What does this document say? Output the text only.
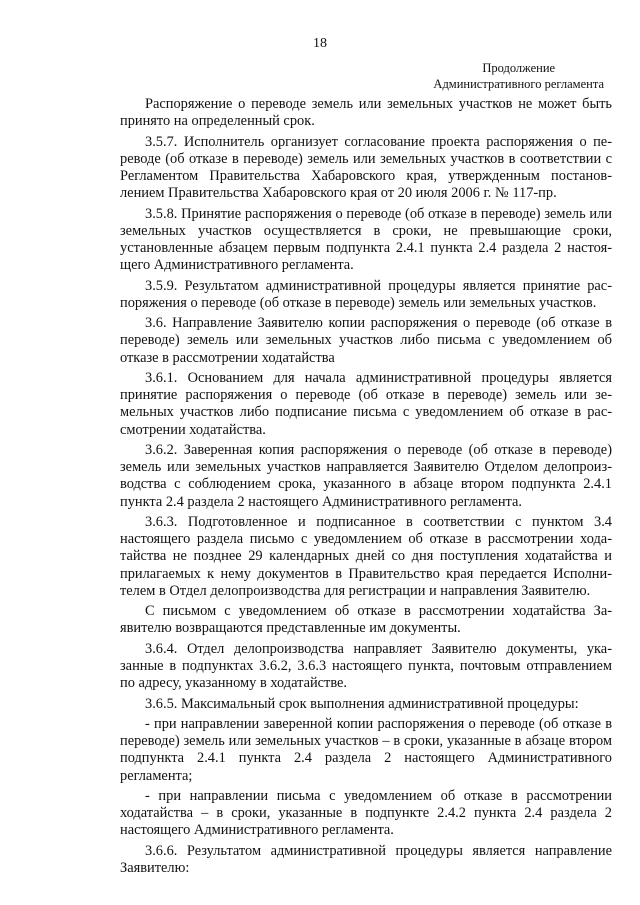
18
Продолжение
Административного регламента

Распоряжение о переводе земель или земельных участков не может быть принято на определенный срок.

3.5.7. Исполнитель организует согласование проекта распоряжения о переводе (об отказе в переводе) земель или земельных участков в соответствии с Регламентом Правительства Хабаровского края, утвержденным постановлением Правительства Хабаровского края от 20 июля 2006 г. № 117-пр.

3.5.8. Принятие распоряжения о переводе (об отказе в переводе) земель или земельных участков осуществляется в сроки, не превышающие сроки, установленные абзацем первым подпункта 2.4.1 пункта 2.4 раздела 2 настоящего Административного регламента.

3.5.9. Результатом административной процедуры является принятие распоряжения о переводе (об отказе в переводе) земель или земельных участков.

3.6. Направление Заявителю копии распоряжения о переводе (об отказе в переводе) земель или земельных участков либо письма с уведомлением об отказе в рассмотрении ходатайства

3.6.1. Основанием для начала административной процедуры является принятие распоряжения о переводе (об отказе в переводе) земель или земельных участков либо подписание письма с уведомлением об отказе в рассмотрении ходатайства.

3.6.2. Заверенная копия распоряжения о переводе (об отказе в переводе) земель или земельных участков направляется Заявителю Отделом делопроизводства с соблюдением срока, указанного в абзаце втором подпункта 2.4.1 пункта 2.4 раздела 2 настоящего Административного регламента.

3.6.3. Подготовленное и подписанное в соответствии с пунктом 3.4 настоящего раздела письмо с уведомлением об отказе в рассмотрении ходатайства не позднее 29 календарных дней со дня поступления ходатайства и прилагаемых к нему документов в Правительство края передается Исполнителем в Отдел делопроизводства для регистрации и направления Заявителю.

С письмом с уведомлением об отказе в рассмотрении ходатайства Заявителю возвращаются представленные им документы.

3.6.4. Отдел делопроизводства направляет Заявителю документы, указанные в подпунктах 3.6.2, 3.6.3 настоящего пункта, почтовым отправлением по адресу, указанному в ходатайстве.

3.6.5. Максимальный срок выполнения административной процедуры:

- при направлении заверенной копии распоряжения о переводе (об отказе в переводе) земель или земельных участков – в сроки, указанные в абзаце втором подпункта 2.4.1 пункта 2.4 раздела 2 настоящего Административного регламента;

- при направлении письма с уведомлением об отказе в рассмотрении ходатайства – в сроки, указанные в подпункте 2.4.2 пункта 2.4 раздела 2 настоящего Административного регламента.

3.6.6. Результатом административной процедуры является направление Заявителю:
